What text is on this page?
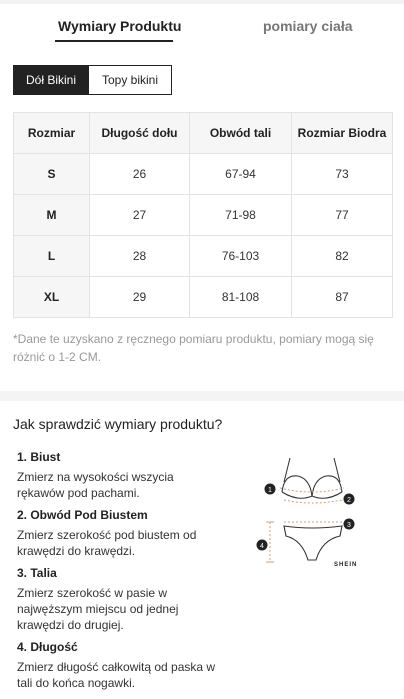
Wymiary Produktu	pomiary ciała
Dół Bikini	Topy bikini
Rozmiar	Długość dołu	Obwód tali	Rozmiar Biodra
S	26	67-94	73
M	27	71-98	77
L	28	76-103	82
XL	29	81-108	87
*Dane te uzyskano z ręcznego pomiaru produktu, pomiary mogą się
różnić o 1-2 CM.
Jak sprawdzić wymiary produktu?
1. Biust
Zmierz na wysokości wszycia
rękawów pod pachami.
2. Obwód Pod Biustem
Zmierz szerokość pod biustem od
krawędzi do krawędzi.
3. Talia
Zmierz szerokość w pasie w
najwęższym miejscu od jednej
krawędzi do drugiej.
4. Długość
Zmierz długość całkowitą od paska w
tali do końca nogawki.
1
2
3
4
SHEIN
